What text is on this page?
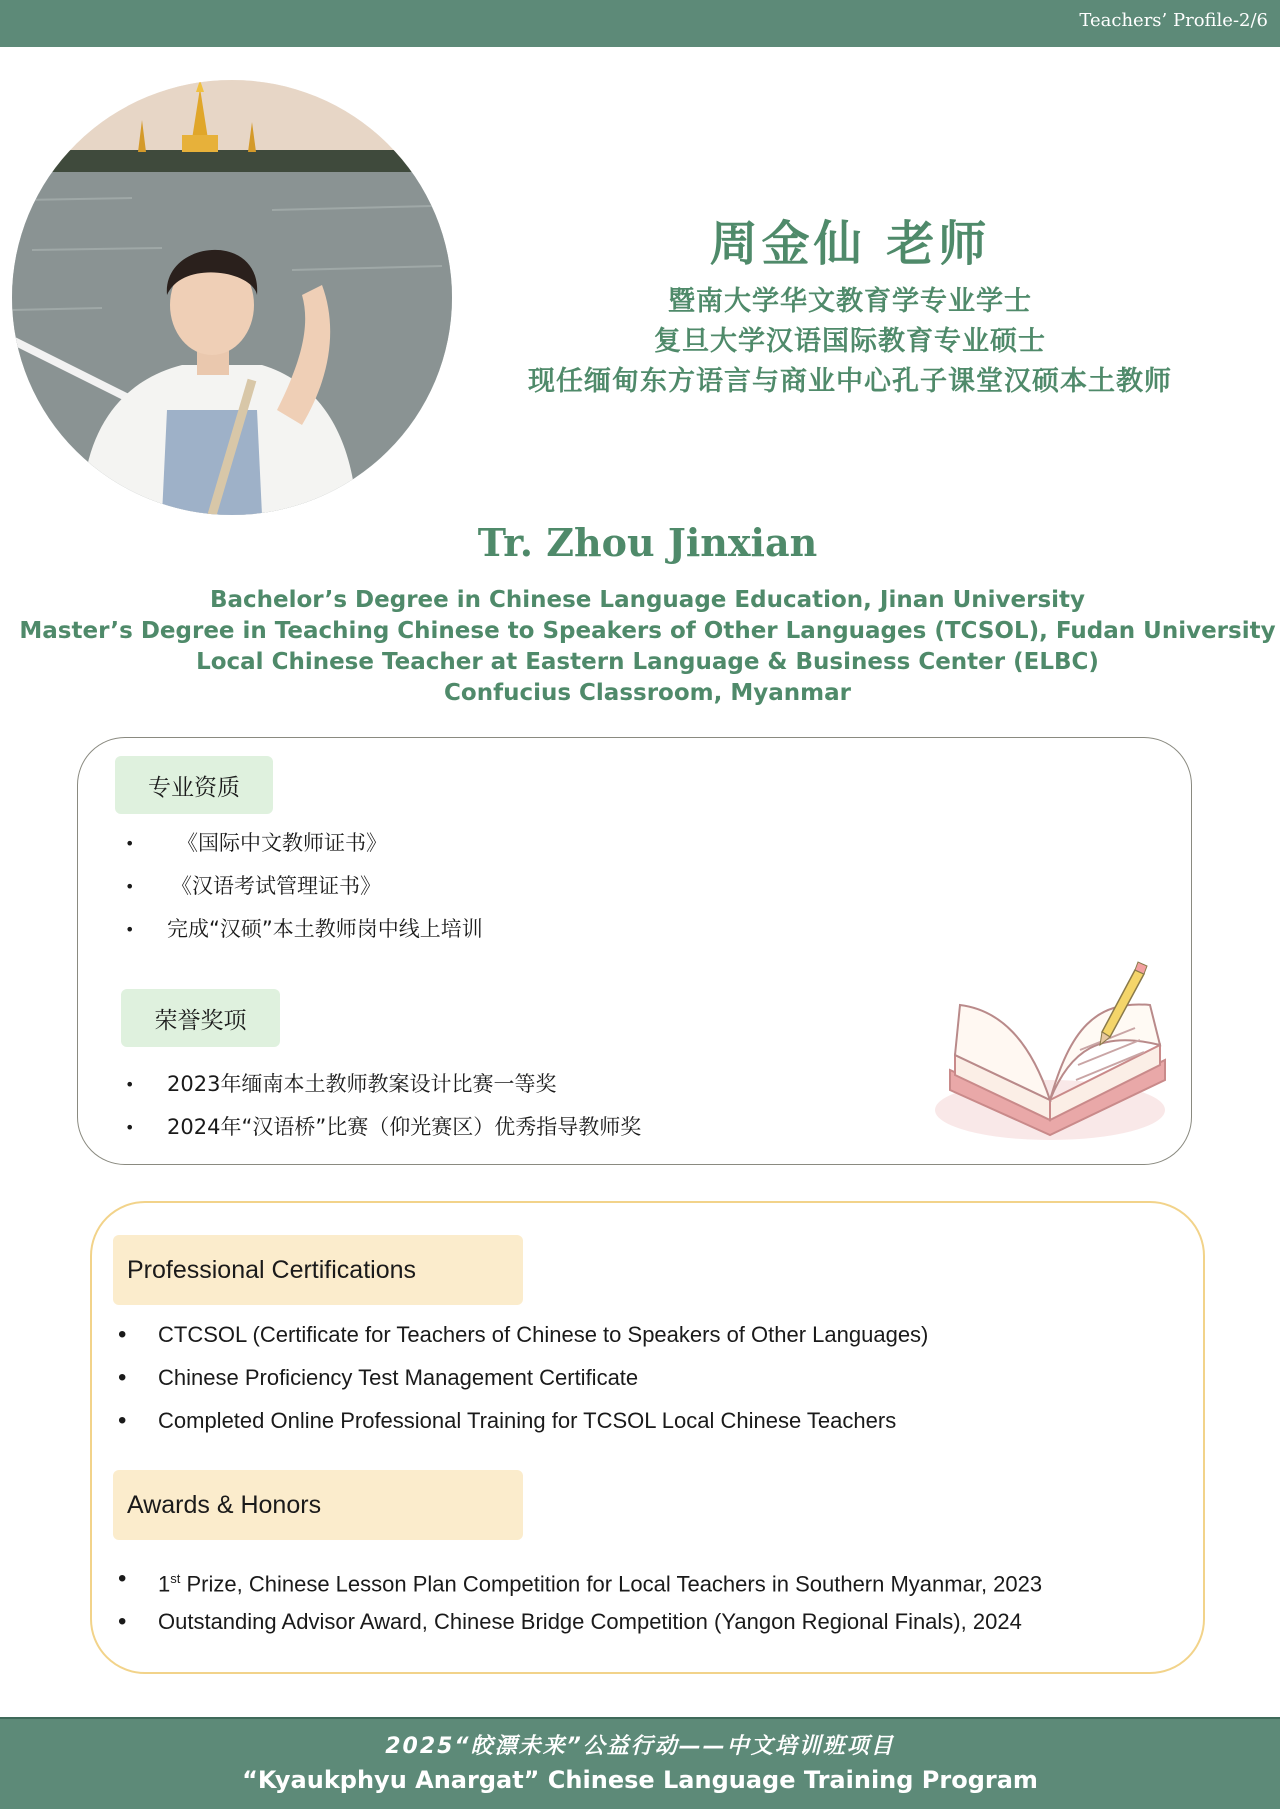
Teachers’ Profile-2/6
周金仙 老师
暨南大学华文教育学专业学士
复旦大学汉语国际教育专业硕士
现任缅甸东方语言与商业中心孔子课堂汉硕本土教师
Tr. Zhou Jinxian
Bachelor’s Degree in Chinese Language Education, Jinan University
Master’s Degree in Teaching Chinese to Speakers of Other Languages (TCSOL), Fudan University
Local Chinese Teacher at Eastern Language & Business Center (ELBC)
Confucius Classroom, Myanmar
专业资质
• 《国际中文教师证书》
• 《汉语考试管理证书》
• 完成“汉硕”本土教师岗中线上培训
荣誉奖项
• 2023年缅南本土教师教案设计比赛一等奖
• 2024年“汉语桥”比赛（仰光赛区）优秀指导教师奖
Professional Certifications
• CTCSOL (Certificate for Teachers of Chinese to Speakers of Other Languages)
• Chinese Proficiency Test Management Certificate
• Completed Online Professional Training for TCSOL Local Chinese Teachers
Awards & Honors
• 1st Prize, Chinese Lesson Plan Competition for Local Teachers in Southern Myanmar, 2023
• Outstanding Advisor Award, Chinese Bridge Competition (Yangon Regional Finals), 2024
2025“皎漂未来”公益行动——中文培训班项目
“Kyaukphyu Anargat” Chinese Language Training Program
